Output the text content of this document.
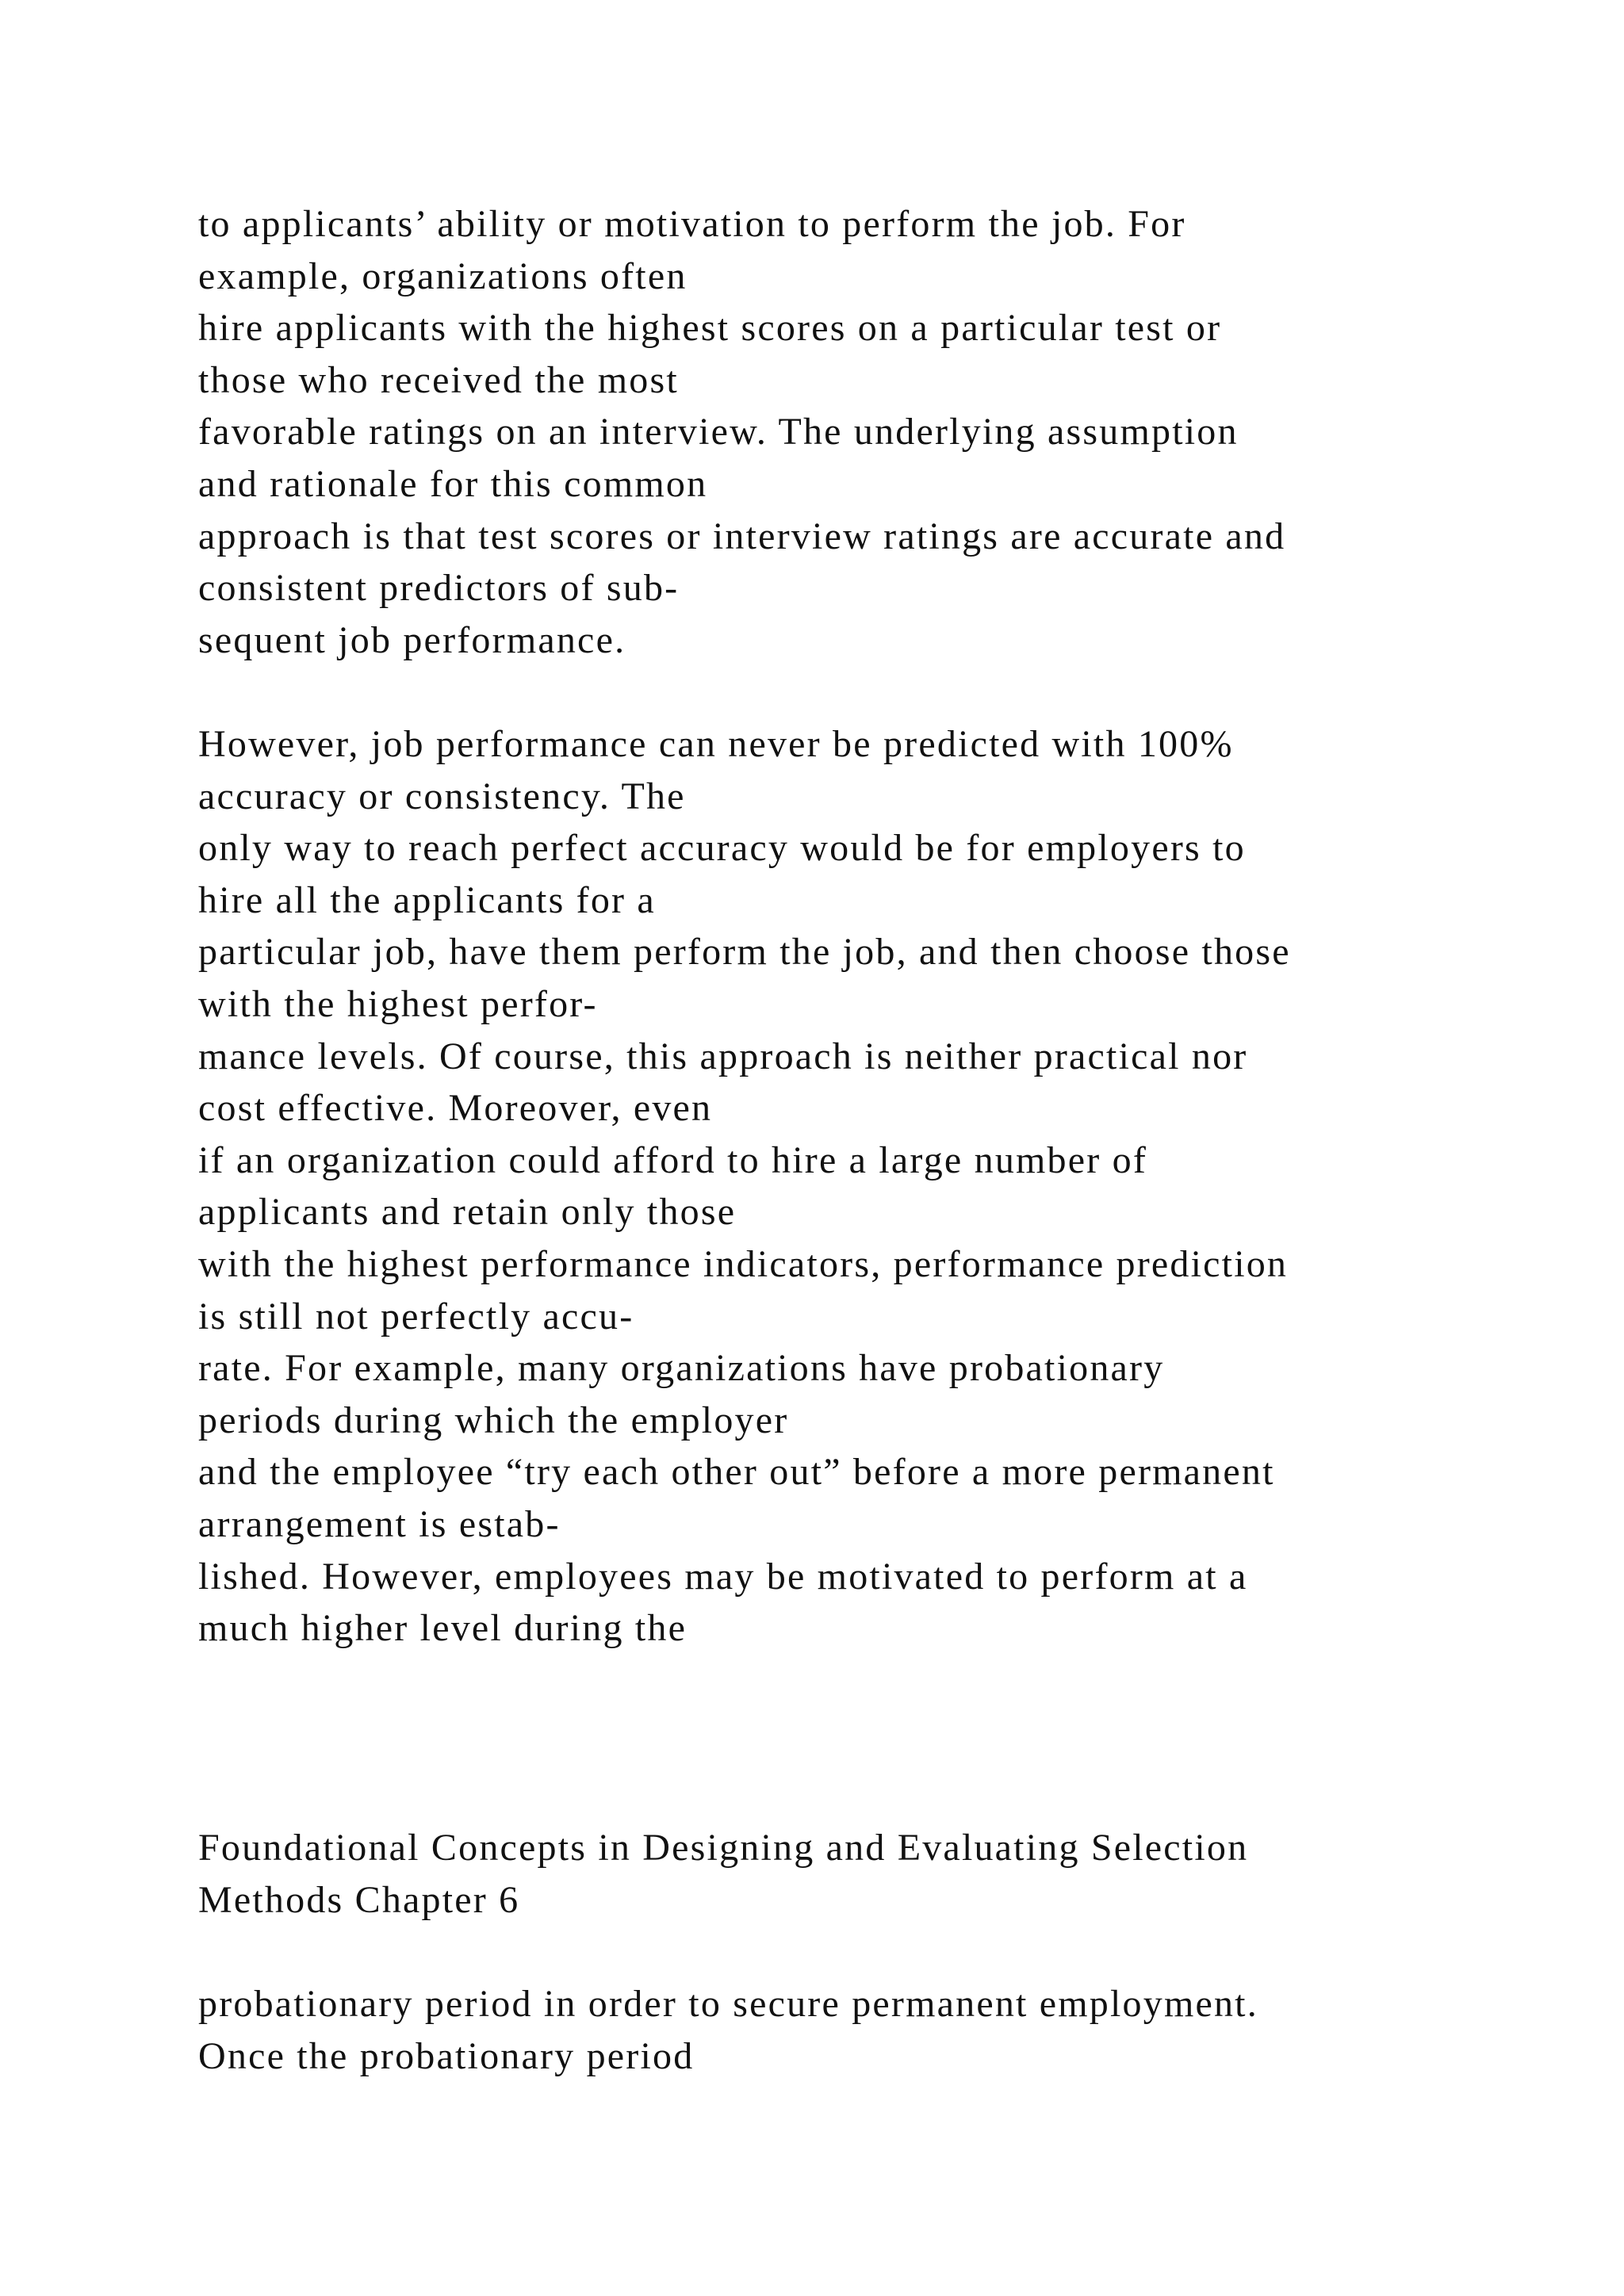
to applicants’ ability or motivation to perform the job. For
example, organizations often
hire applicants with the highest scores on a particular test or
those who received the most
favorable ratings on an interview. The underlying assumption
and rationale for this common
approach is that test scores or interview ratings are accurate and
consistent predictors of sub-
sequent job performance.

However, job performance can never be predicted with 100%
accuracy or consistency. The
only way to reach perfect accuracy would be for employers to
hire all the applicants for a
particular job, have them perform the job, and then choose those
with the highest perfor-
mance levels. Of course, this approach is neither practical nor
cost effective. Moreover, even
if an organization could afford to hire a large number of
applicants and retain only those
with the highest performance indicators, performance prediction
is still not perfectly accu-
rate. For example, many organizations have probationary
periods during which the employer
and the employee “try each other out” before a more permanent
arrangement is estab-
lished. However, employees may be motivated to perform at a
much higher level during the

Foundational Concepts in Designing and Evaluating Selection
Methods Chapter 6

probationary period in order to secure permanent employment.
Once the probationary period
